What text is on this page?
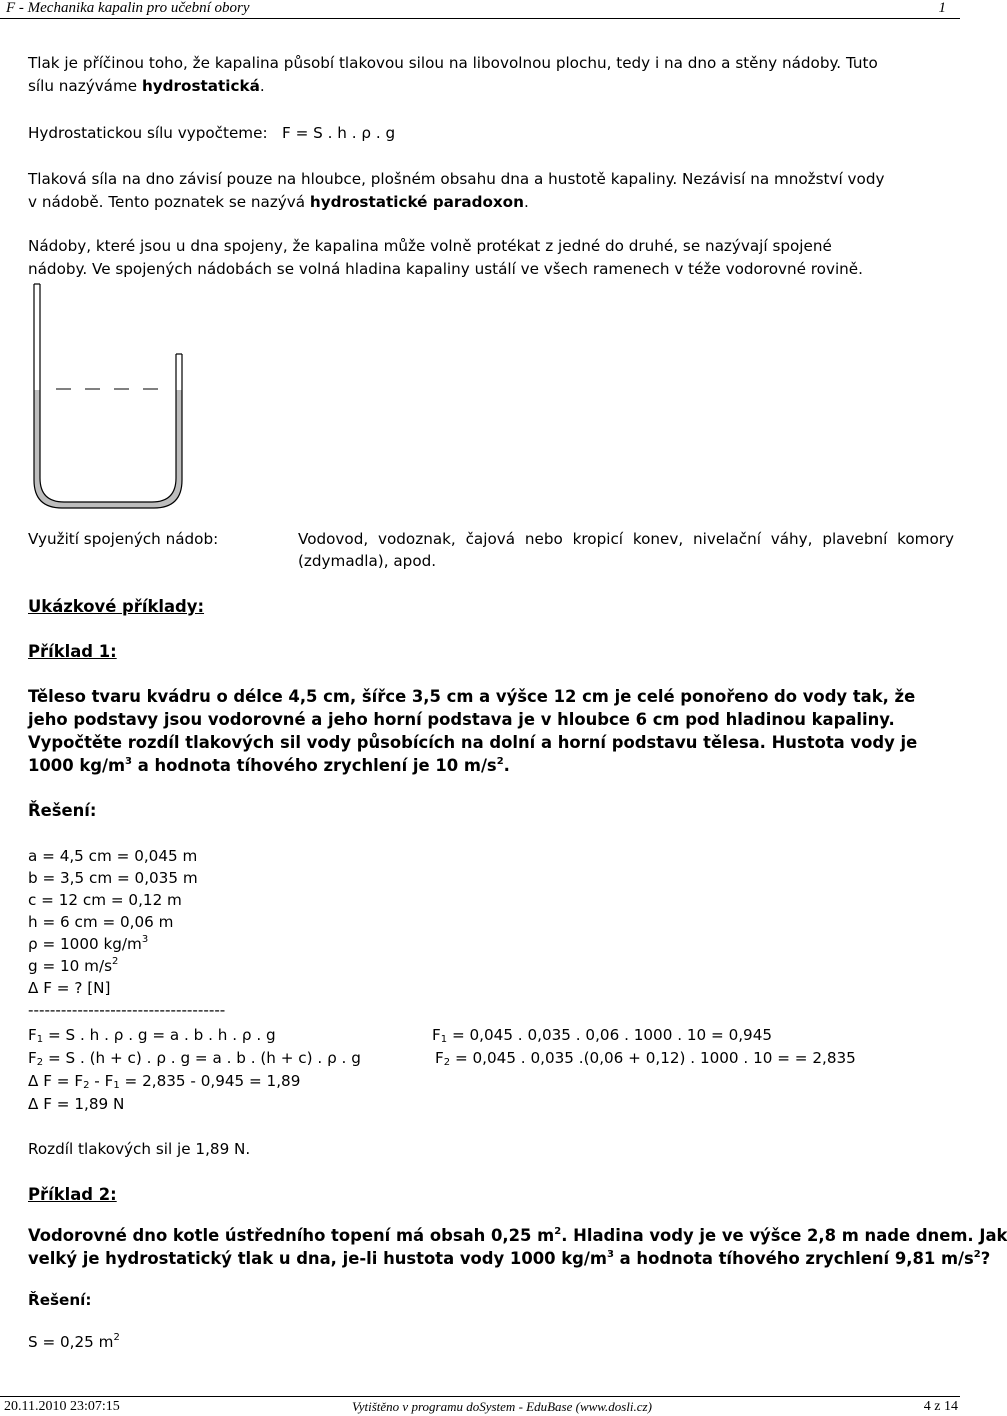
F - Mechanika kapalin pro učební obory	1
Tlak je příčinou toho, že kapalina působí tlakovou silou na libovolnou plochu, tedy i na dno a stěny nádoby. Tuto
sílu nazýváme hydrostatická.
Hydrostatickou sílu vypočteme: F = S . h . ρ . g
Tlaková síla na dno závisí pouze na hloubce, plošném obsahu dna a hustotě kapaliny. Nezávisí na množství vody
v nádobě. Tento poznatek se nazývá hydrostatické paradoxon.
Nádoby, které jsou u dna spojeny, že kapalina může volně protékat z jedné do druhé, se nazývají spojené
nádoby. Ve spojených nádobách se volná hladina kapaliny ustálí ve všech ramenech v téže vodorovné rovině.
Využití spojených nádob:	Vodovod, vodoznak, čajová nebo kropicí konev, nivelační váhy, plavební komory (zdymadla), apod.
Ukázkové příklady:
Příklad 1:
Těleso tvaru kvádru o délce 4,5 cm, šířce 3,5 cm a výšce 12 cm je celé ponořeno do vody tak, že
jeho podstavy jsou vodorovné a jeho horní podstava je v hloubce 6 cm pod hladinou kapaliny.
Vypočtěte rozdíl tlakových sil vody působících na dolní a horní podstavu tělesa. Hustota vody je
1000 $kg/m^3$ a hodnota tíhového zrychlení je 10 $m/s^2$.
Řešení:
a = 4,5 cm = 0,045 m
b = 3,5 cm = 0,035 m
c = 12 cm = 0,12 m
h = 6 cm = 0,06 m
ρ = 1000 $kg/m^3$
g = 10 $m/s^2$
Δ F = ? [N]
------------------------------------
$F_1 = S$ . h . ρ . g = a . b . h . ρ . g	$F_1 = 0,045$ . 0,035 . 0,06 . 1000 . 10 = 0,945
$F_2 = S$ . (h + c) . ρ . g = a . b . (h + c) . ρ . g	$F_2 = 0,045$ . 0,035 .(0,06 + 0,12) . 1000 . 10 = = 2,835
Δ $F = F_2 - F_1 = 2,835 - 0,945 = 1,89$
Δ F = 1,89 N
Rozdíl tlakových sil je 1,89 N.
Příklad 2:
Vodorovné dno kotle ústředního topení má obsah 0,25 $m^2$. Hladina vody je ve výšce 2,8 m nade dnem. Jak
velký je hydrostatický tlak u dna, je-li hustota vody 1000 $kg/m^3$ a hodnota tíhového zrychlení 9,81 $m/s^2$?
Řešení:
S = 0,25 $m^2$
20.11.2010 23:07:15	Vytištěno v programu doSystem - EduBase (www.dosli.cz)	4 z 14
